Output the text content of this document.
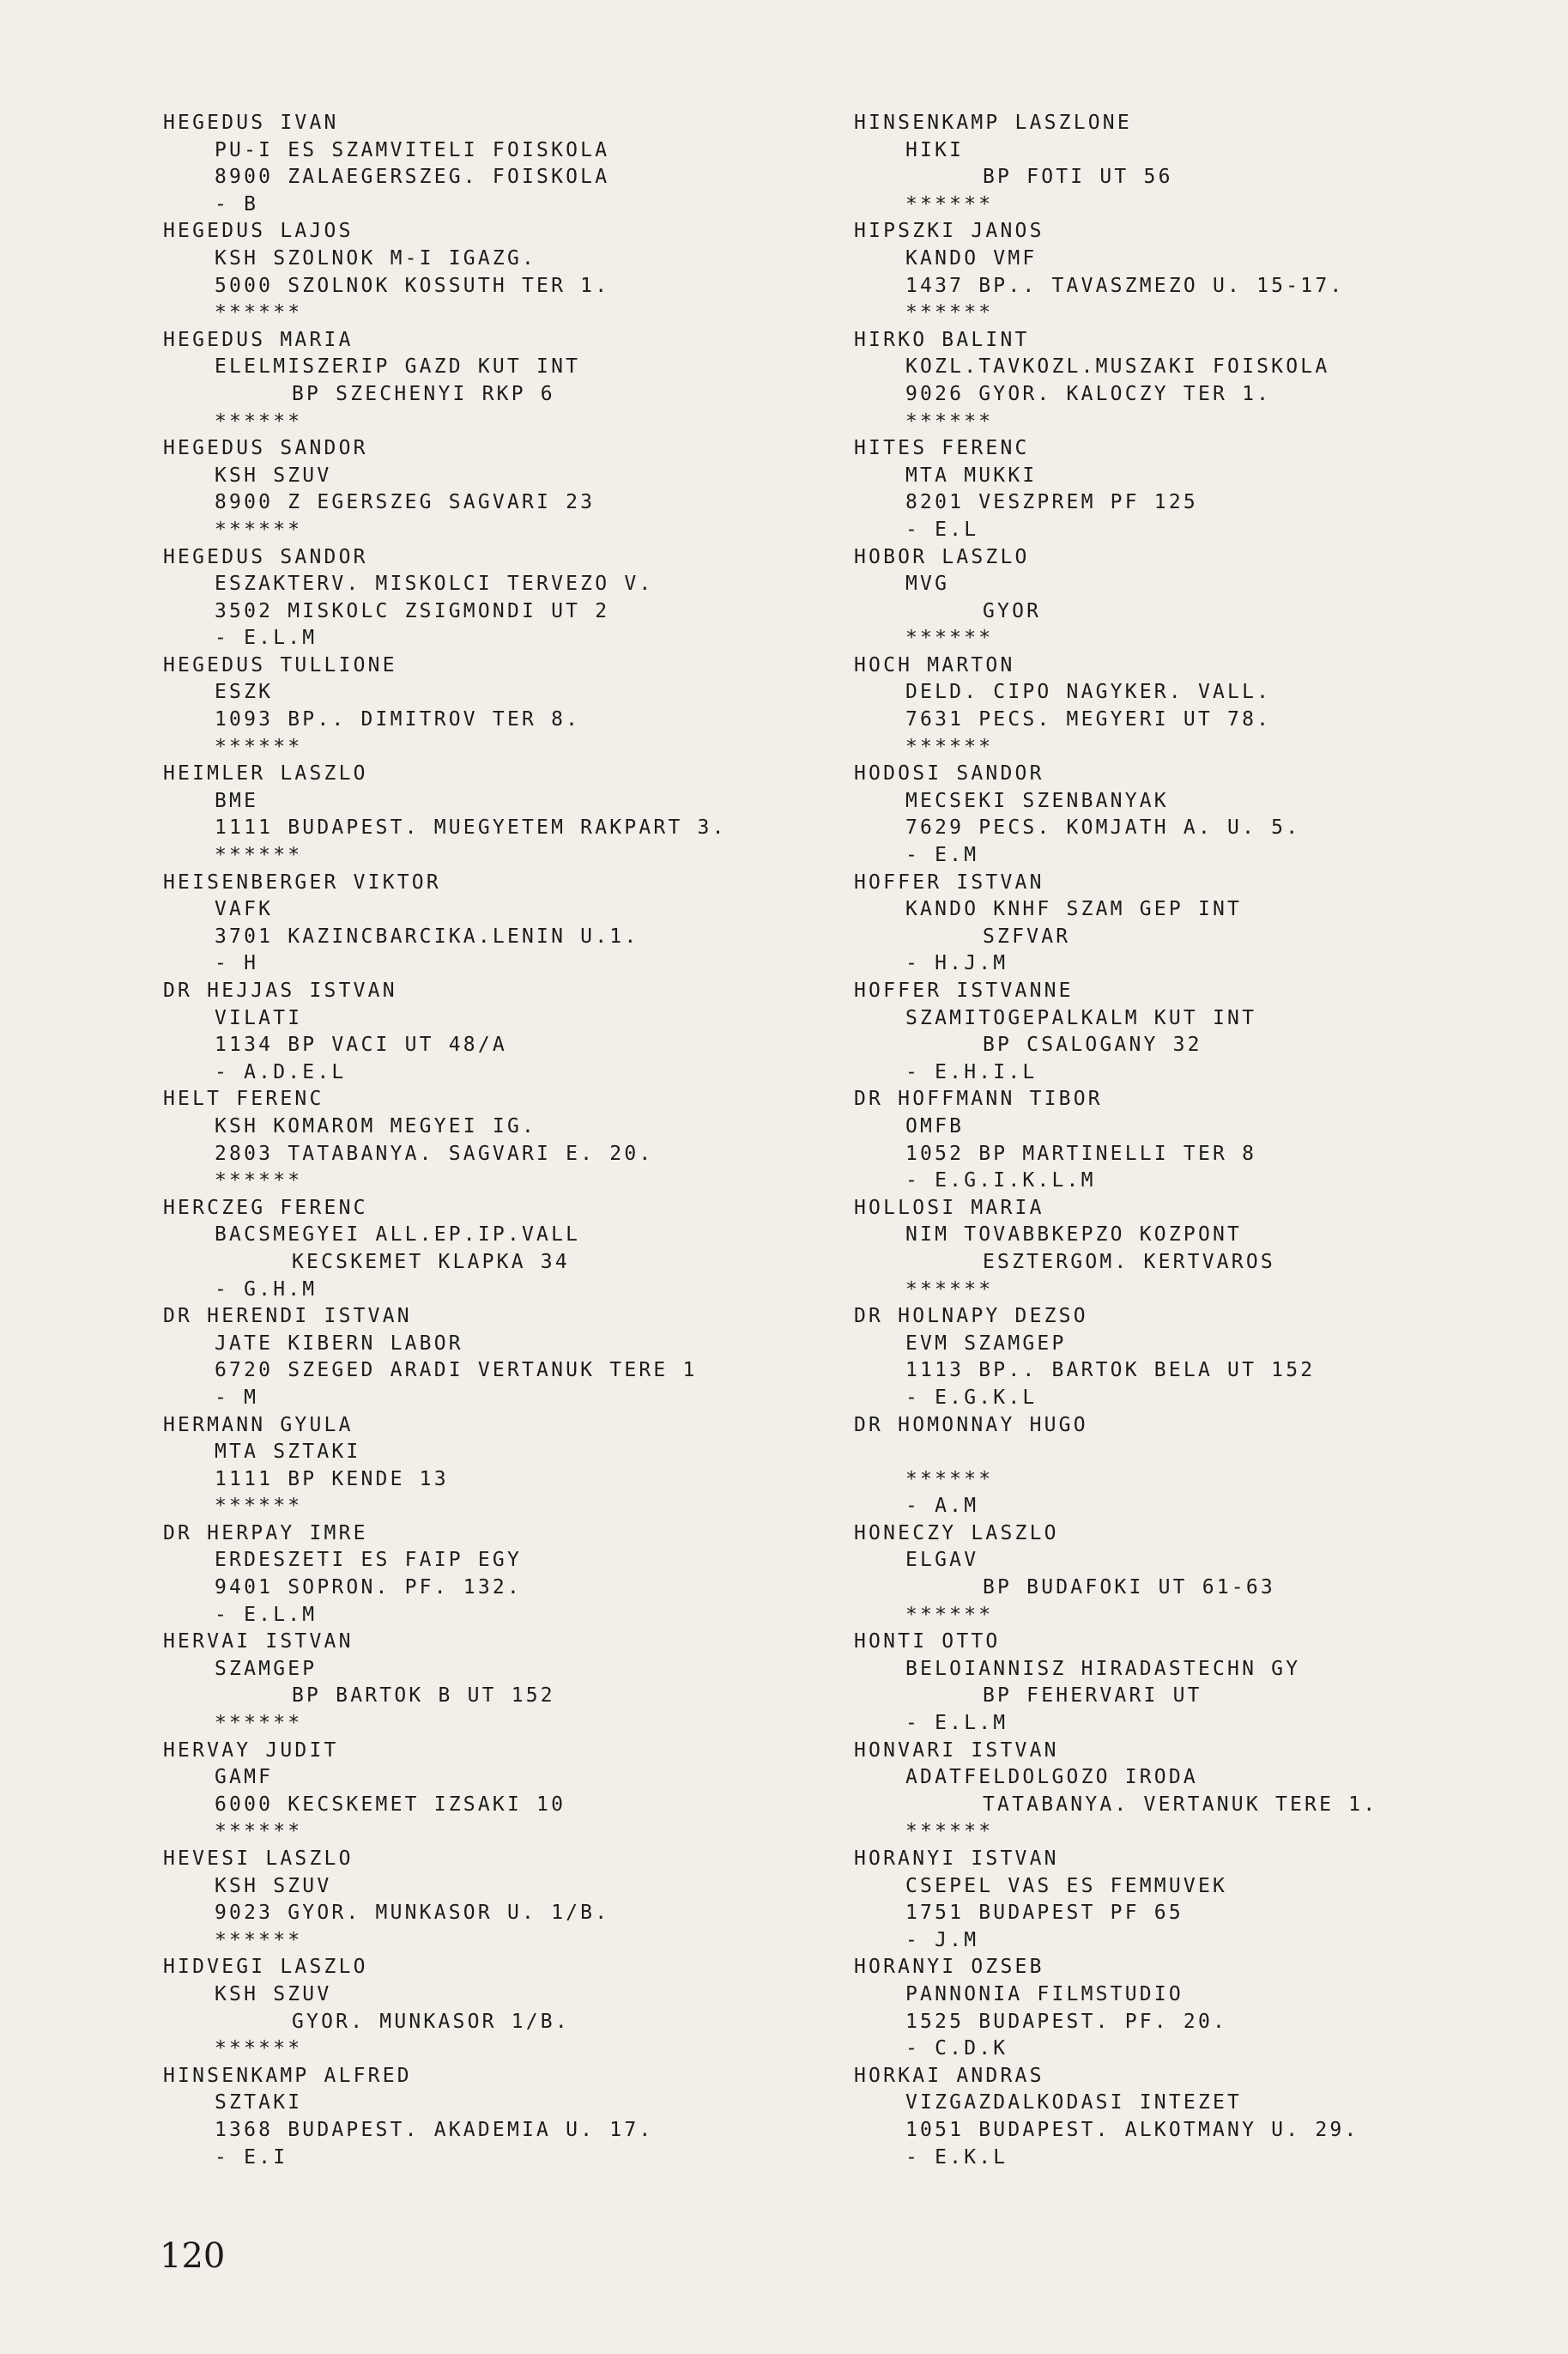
HEGEDUS IVAN
PU-I ES SZAMVITELI FOISKOLA
8900 ZALAEGERSZEG. FOISKOLA
- B
HEGEDUS LAJOS
KSH SZOLNOK M-I IGAZG.
5000 SZOLNOK KOSSUTH TER 1.
******
HEGEDUS MARIA
ELELMISZERIP GAZD KUT INT
BP SZECHENYI RKP 6
******
HEGEDUS SANDOR
KSH SZUV
8900 Z EGERSZEG SAGVARI 23
******
HEGEDUS SANDOR
ESZAKTERV. MISKOLCI TERVEZO V.
3502 MISKOLC ZSIGMONDI UT 2
- E.L.M
HEGEDUS TULLIONE
ESZK
1093 BP.. DIMITROV TER 8.
******
HEIMLER LASZLO
BME
1111 BUDAPEST. MUEGYETEM RAKPART 3.
******
HEISENBERGER VIKTOR
VAFK
3701 KAZINCBARCIKA.LENIN U.1.
- H
DR HEJJAS ISTVAN
VILATI
1134 BP VACI UT 48/A
- A.D.E.L
HELT FERENC
KSH KOMAROM MEGYEI IG.
2803 TATABANYA. SAGVARI E. 20.
******
HERCZEG FERENC
BACSMEGYEI ALL.EP.IP.VALL
KECSKEMET KLAPKA 34
- G.H.M
DR HERENDI ISTVAN
JATE KIBERN LABOR
6720 SZEGED ARADI VERTANUK TERE 1
- M
HERMANN GYULA
MTA SZTAKI
1111 BP KENDE 13
******
DR HERPAY IMRE
ERDESZETI ES FAIP EGY
9401 SOPRON. PF. 132.
- E.L.M
HERVAI ISTVAN
SZAMGEP
BP BARTOK B UT 152
******
HERVAY JUDIT
GAMF
6000 KECSKEMET IZSAKI 10
******
HEVESI LASZLO
KSH SZUV
9023 GYOR. MUNKASOR U. 1/B.
******
HIDVEGI LASZLO
KSH SZUV
GYOR. MUNKASOR 1/B.
******
HINSENKAMP ALFRED
SZTAKI
1368 BUDAPEST. AKADEMIA U. 17.
- E.I
HINSENKAMP LASZLONE
HIKI
BP FOTI UT 56
******
HIPSZKI JANOS
KANDO VMF
1437 BP.. TAVASZMEZO U. 15-17.
******
HIRKO BALINT
KOZL.TAVKOZL.MUSZAKI FOISKOLA
9026 GYOR. KALOCZY TER 1.
******
HITES FERENC
MTA MUKKI
8201 VESZPREM PF 125
- E.L
HOBOR LASZLO
MVG
GYOR
******
HOCH MARTON
DELD. CIPO NAGYKER. VALL.
7631 PECS. MEGYERI UT 78.
******
HODOSI SANDOR
MECSEKI SZENBANYAK
7629 PECS. KOMJATH A. U. 5.
- E.M
HOFFER ISTVAN
KANDO KNHF SZAM GEP INT
SZFVAR
- H.J.M
HOFFER ISTVANNE
SZAMITOGEPALKALM KUT INT
BP CSALOGANY 32
- E.H.I.L
DR HOFFMANN TIBOR
OMFB
1052 BP MARTINELLI TER 8
- E.G.I.K.L.M
HOLLOSI MARIA
NIM TOVABBKEPZO KOZPONT
ESZTERGOM. KERTVAROS
******
DR HOLNAPY DEZSO
EVM SZAMGEP
1113 BP.. BARTOK BELA UT 152
- E.G.K.L
DR HOMONNAY HUGO
******
- A.M
HONECZY LASZLO
ELGAV
BP BUDAFOKI UT 61-63
******
HONTI OTTO
BELOIANNISZ HIRADASTECHN GY
BP FEHERVARI UT
- E.L.M
HONVARI ISTVAN
ADATFELDOLGOZO IRODA
TATABANYA. VERTANUK TERE 1.
******
HORANYI ISTVAN
CSEPEL VAS ES FEMMUVEK
1751 BUDAPEST PF 65
- J.M
HORANYI OZSEB
PANNONIA FILMSTUDIO
1525 BUDAPEST. PF. 20.
- C.D.K
HORKAI ANDRAS
VIZGAZDALKODASI INTEZET
1051 BUDAPEST. ALKOTMANY U. 29.
- E.K.L
120
